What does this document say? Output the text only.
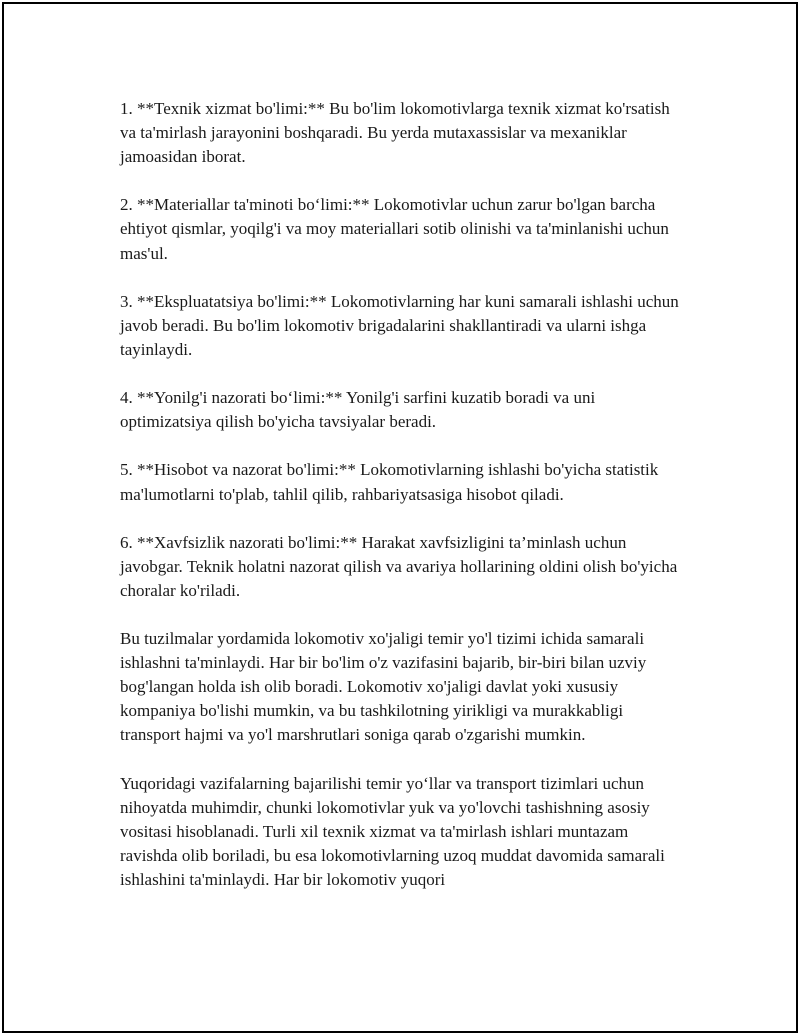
1. **Texnik xizmat bo'limi:** Bu bo'lim lokomotivlarga texnik xizmat ko'rsatish va ta'mirlash jarayonini boshqaradi. Bu yerda mutaxassislar va mexaniklar jamoasidan iborat.

2. **Materiallar ta'minoti bo‘limi:** Lokomotivlar uchun zarur bo'lgan barcha ehtiyot qismlar, yoqilg'i va moy materiallari sotib olinishi va ta'minlanishi uchun mas'ul.

3. **Ekspluatatsiya bo'limi:** Lokomotivlarning har kuni samarali ishlashi uchun javob beradi. Bu bo'lim lokomotiv brigadalarini shakllantiradi va ularni ishga tayinlaydi.

4. **Yonilg'i nazorati bo‘limi:** Yonilg'i sarfini kuzatib boradi va uni optimizatsiya qilish bo'yicha tavsiyalar beradi.

5. **Hisobot va nazorat bo'limi:** Lokomotivlarning ishlashi bo'yicha statistik ma'lumotlarni to'plab, tahlil qilib, rahbariyatsasiga hisobot qiladi.

6. **Xavfsizlik nazorati bo'limi:** Harakat xavfsizligini ta’minlash uchun javobgar. Teknik holatni nazorat qilish va avariya hollarining oldini olish bo'yicha choralar ko'riladi.

Bu tuzilmalar yordamida lokomotiv xo'jaligi temir yo'l tizimi ichida samarali ishlashni ta'minlaydi. Har bir bo'lim o'z vazifasini bajarib, bir-biri bilan uzviy bog'langan holda ish olib boradi. Lokomotiv xo'jaligi davlat yoki xususiy kompaniya bo'lishi mumkin, va bu tashkilotning yirikligi va murakkabligi transport hajmi va yo'l marshrutlari soniga qarab o'zgarishi mumkin.

Yuqoridagi vazifalarning bajarilishi temir yo‘llar va transport tizimlari uchun nihoyatda muhimdir, chunki lokomotivlar yuk va yo'lovchi tashishning asosiy vositasi hisoblanadi. Turli xil texnik xizmat va ta'mirlash ishlari muntazam ravishda olib boriladi, bu esa lokomotivlarning uzoq muddat davomida samarali ishlashini ta'minlaydi. Har bir lokomotiv yuqori
